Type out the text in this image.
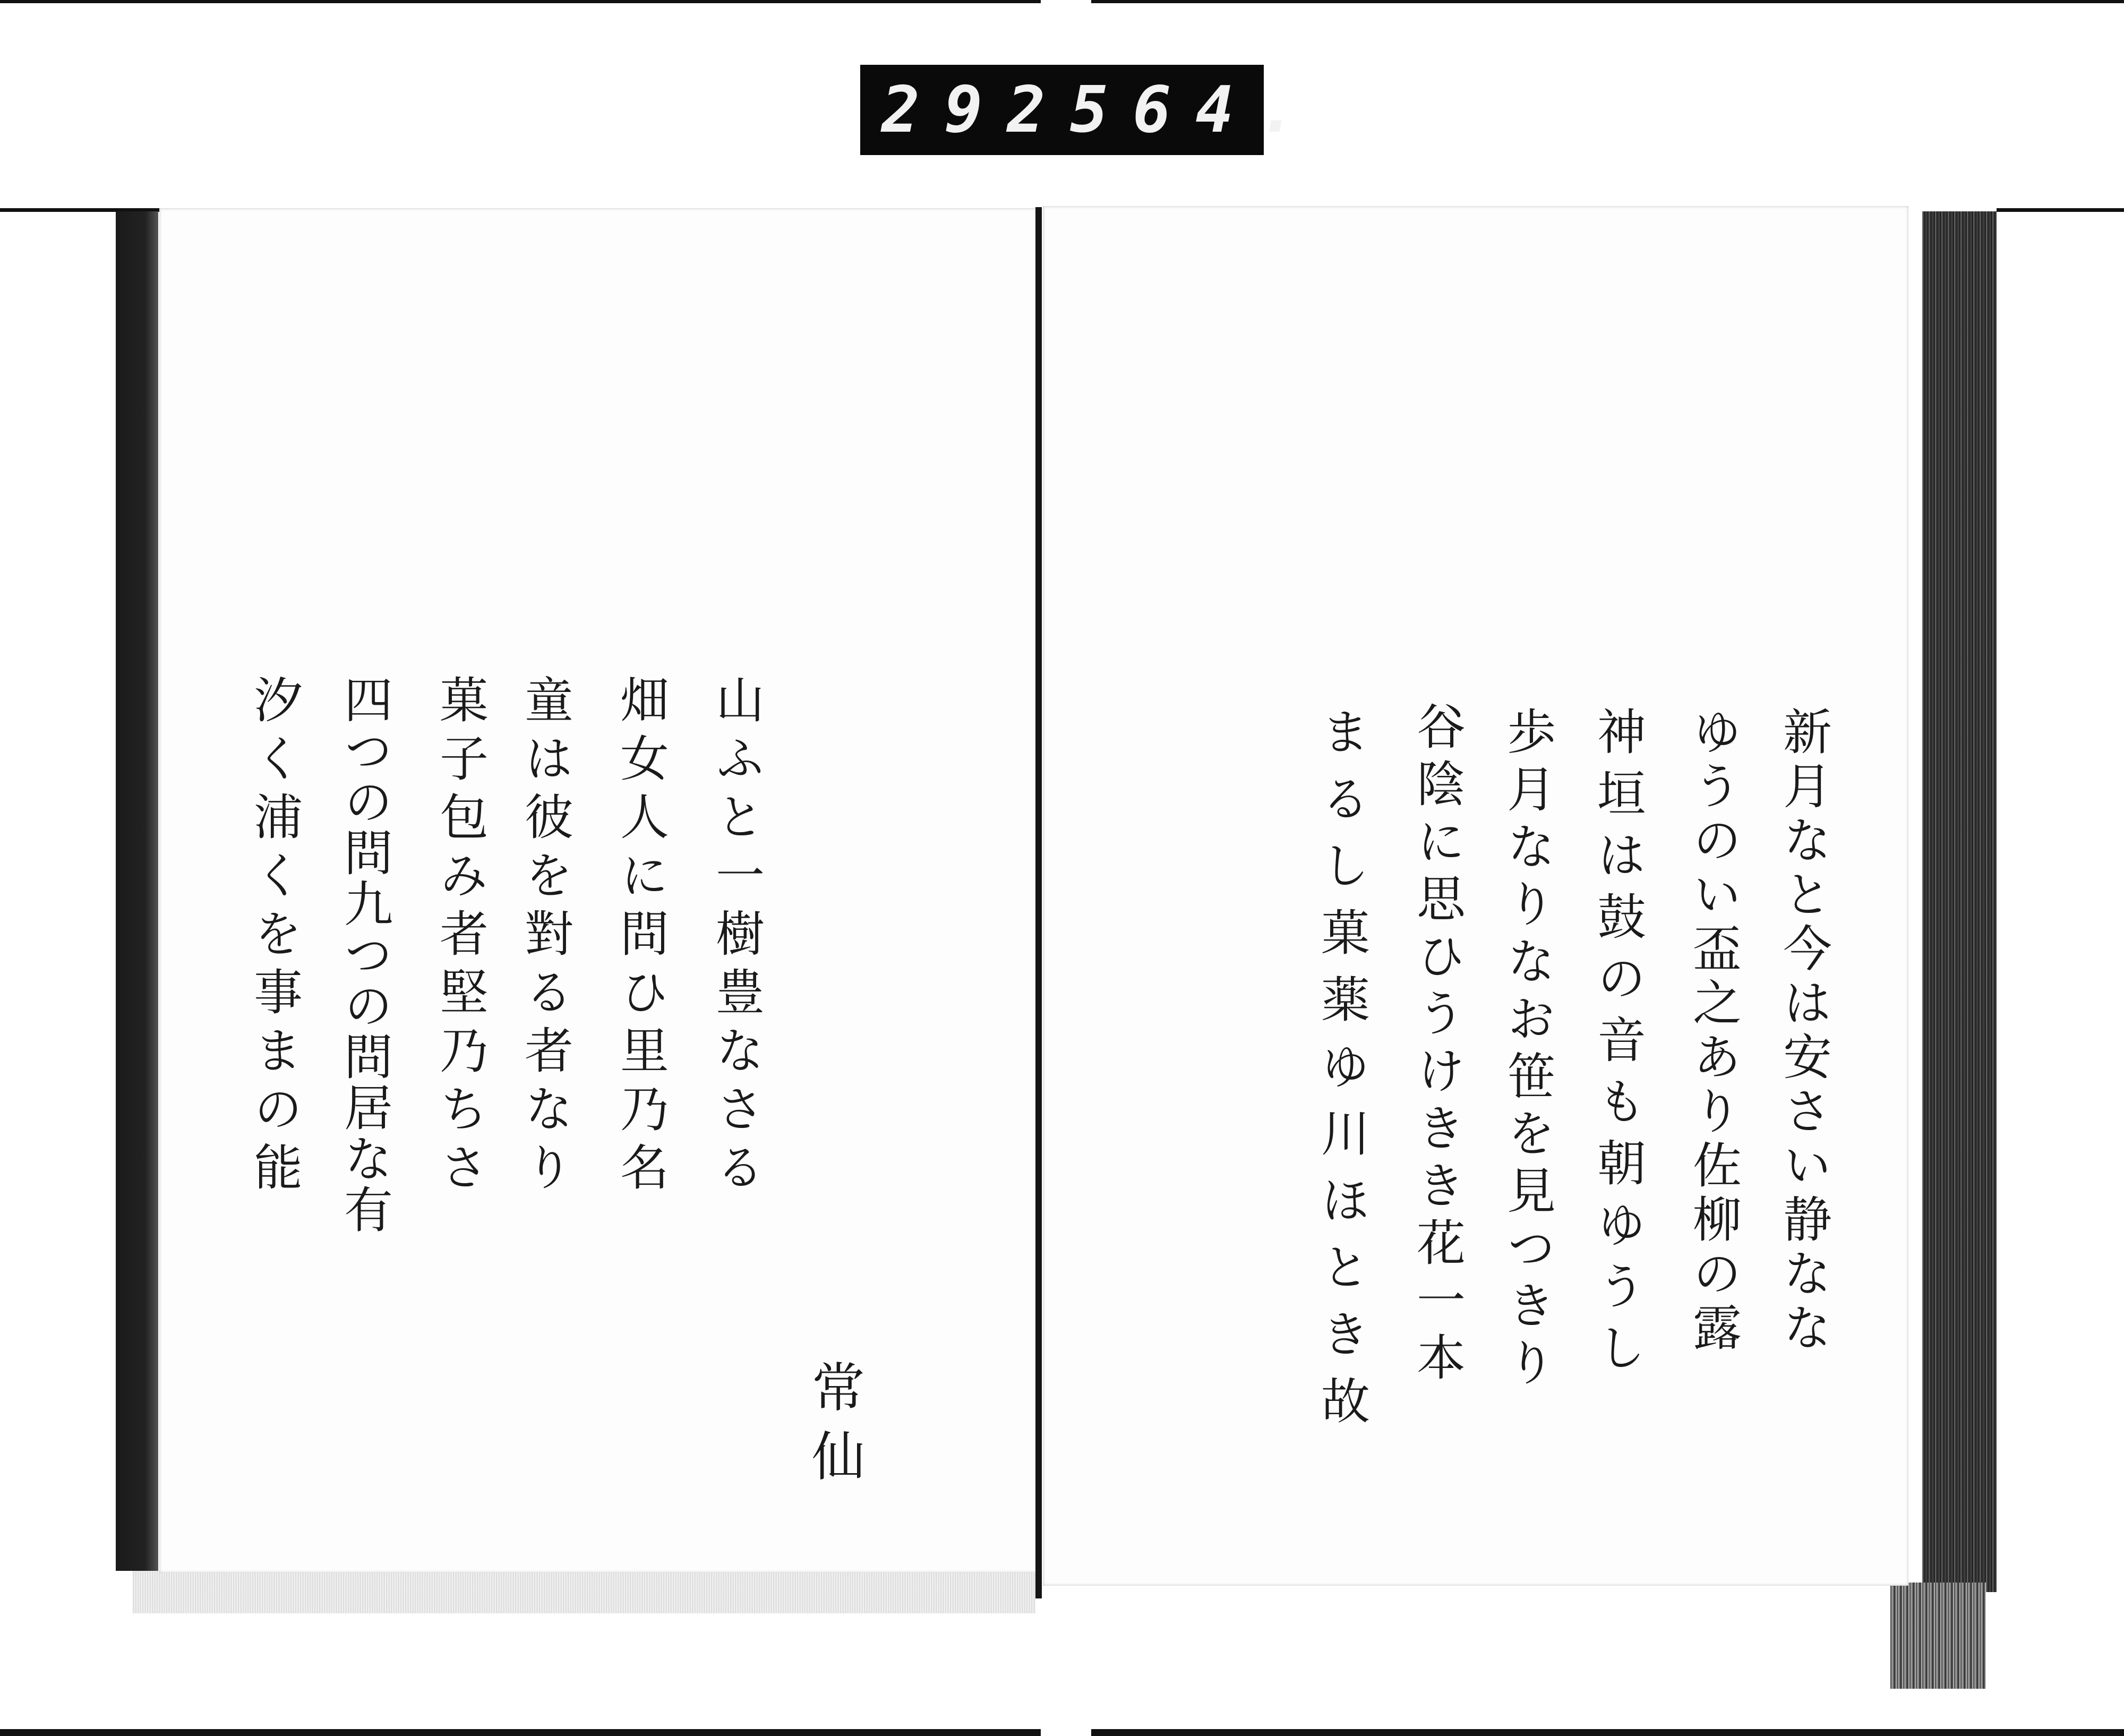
292 564.
常仙
山ふと一樹豊なさる
畑女人に問ひ里乃名
童は彼を對る者なり
菓子包み者堅乃ちさ
四つの問九つの問居な有
汐く浦くを事まの能	新月なと今は安さい静なな
ゆうのい盃之あり佐柳の露
神垣は鼓の音も朝ゆうし
歩月なりなお笹を見つきり
谷陰に思ひうけきき花一本
まるし菓薬ゆ川ほとき故
